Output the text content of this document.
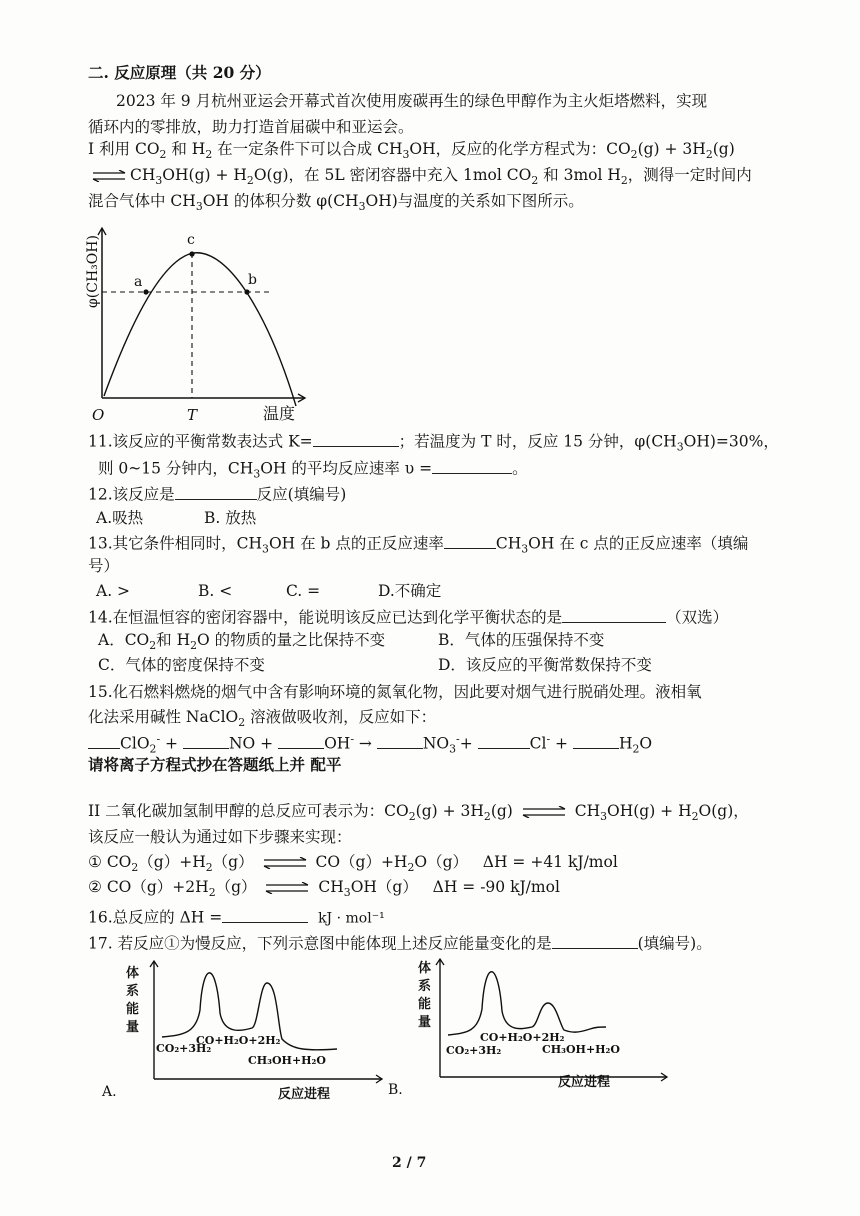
二. 反应原理（共 20 分）
2023 年 9 月杭州亚运会开幕式首次使用废碳再生的绿色甲醇作为主火炬塔燃料，实现
循环内的零排放，助力打造首届碳中和亚运会。
I 利用 $CO_2$ 和 $H_2$ 在一定条件下可以合成 $CH_3OH$，反应的化学方程式为：$CO_2(g) + 3H_2(g)$
⇌ $CH_3OH(g) + H_2O(g)$，在 5L 密闭容器中充入 1mol $CO_2$ 和 3mol $H_2$，测得一定时间内
混合气体中 $CH_3OH$ 的体积分数 $\varphi(CH_3OH)$与温度的关系如下图所示。
a
c
b
O	T	温度
φ(CH₃OH)
11.该反应的平衡常数表达式 K=	；若温度为 T 时，反应 15 分钟，$\varphi(CH_3OH)=30\%$，
则 0~15 分钟内，$CH_3OH$ 的平均反应速率 υ =	。
12.该反应是	反应(填编号)
A.吸热	B. 放热
13.其它条件相同时，$CH_3OH$ 在 b 点的正反应速率	$CH_3OH$ 在 c 点的正反应速率（填编
号）
A. >	B. <	C. =	D.不确定
14.在恒温恒容的密闭容器中，能说明该反应已达到化学平衡状态的是	（双选）
A．$CO_2$和 $H_2O$ 的物质的量之比保持不变	B．气体的压强保持不变
C．气体的密度保持不变	D．该反应的平衡常数保持不变
15.化石燃料燃烧的烟气中含有影响环境的氮氧化物，因此要对烟气进行脱硝处理。液相氧
化法采用碱性 NaClO$_2$ 溶液做吸收剂，反应如下：
ClO$_2$- +	NO +	OH- →	$NO_3^-+$	Cl- +	$H_2O$
请将离子方程式抄在答题纸上并 配平
II 二氧化碳加氢制甲醇的总反应可表示为：$CO_2(g) + 3H_2(g)$ ⇌ $CH_3OH(g) + H_2O(g)$，
该反应一般认为通过如下步骤来实现：
① $CO_2(g)+H_2(g)$ ⇌ $CO(g)+H_2O(g) \Delta H = +41$ kJ/mol
② $CO(g)+2H_2(g)$ ⇌ $CH_3OH(g) \Delta H = -90$ kJ/mol
16.总反应的 ΔH =	kJ · mol⁻¹
17. 若反应①为慢反应，下列示意图中能体现上述反应能量变化的是	(填编号)。
CO+H₂O+2H₂
CO₂+3H₂
CH₃OH+H₂O
反应进程
A.
体系能量
CO+H₂O+2H₂
CO₂+3H₂	CH₃OH+H₂O
反应进程
B.
体系能量
2 / 7
